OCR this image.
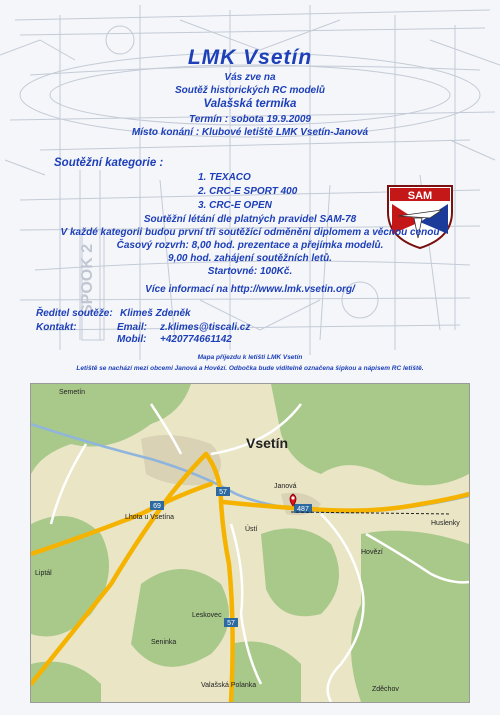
SPOOK 2
LMK Vsetín
Vás zve na
Soutěž historických RC modelů
Valašská termika
Termín : sobota 19.9.2009
Místo konání : Klubové letiště LMK Vsetín-Janová
Soutěžní kategorie :
1. TEXACO
2. CRC-E SPORT 400
3. CRC-E OPEN
SAM
Soutěžní létání dle platných pravidel SAM-78
V každé kategorii budou první tři soutěžící odměněni diplomem a věcnou cenou
Časový rozvrh: 8,00 hod. prezentace a přejímka modelů.
9,00 hod. zahájení soutěžních letů.
Startovné: 100Kč.
Více informací na http://www.lmk.vsetin.org/
Ředitel soutěže: Klimeš Zdeněk
Kontakt:	Email: z.klimes@tiscali.cz
Mobil: +420774661142
Mapa příjezdu k letišti LMK Vsetín
Letiště se nachází mezi obcemi Janová a Hovězí. Odbočka bude viditelně označena šipkou a nápisem RC letiště.
57
69
57
487
Semetín
Vsetín
Janová
Ústí
Hovězí
Huslenky
Lhota u Vsetína
Liptál
Leskovec
Seninka
Valašská Polanka
Zděchov
